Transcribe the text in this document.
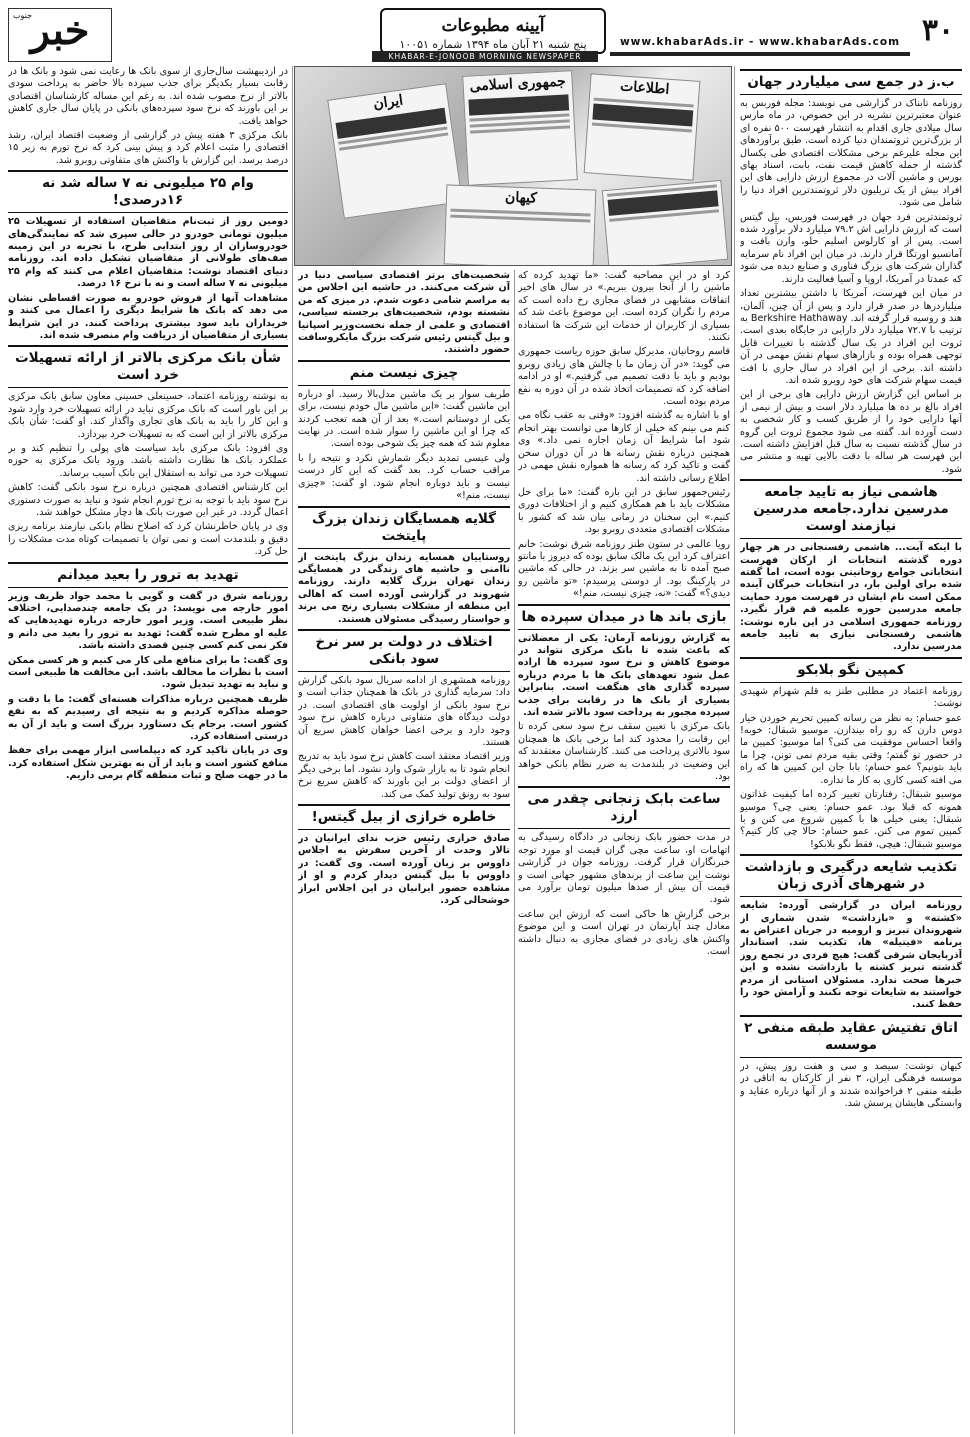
۳۰
www.khabarAds.ir - www.khabarAds.com
آیینه مطبوعات
پنج شنبه ۲۱ آبان ماه ۱۳۹۴ شماره ۱۰۰۵۱
خبر
جنوب
KHABAR-E-JONOOB MORNING NEWSPAPER
ب.ز در جمع سی میلیاردر جهان

روزنامه تابناک در گزارشی می نویسد: مجله فوربس به عنوان معتبرترین نشریه در این خصوص، در ماه مارس سال میلادی جاری اقدام به انتشار فهرست ۵۰۰ نفره ای از بزرگ‌ترین ثروتمندان دنیا کرده است. طبق برآوردهای این مجله علیرغم برخی مشکلات اقتصادی طی یکسال گذشته از جمله کاهش قیمت نفت، بابت، اسناد بهای بورس و ماشین آلات در مجموع ارزش دارایی های این افراد بیش از یک تریلیون دلار ثروتمندترین افراد دنیا را شامل می شود.

ثروتمندترین فرد جهان در فهرست فوربس، بیل گیتس است که ارزش دارایی اش ۷۹.۲ میلیارد دلار برآورد شده است. پس از او کارلوس اسلیم حلو، وارن بافت و آمانسیو اورتگا قرار دارند. در میان این افراد نام سرمایه گذاران شرکت های بزرگ فناوری و صنایع دیده می شود که عمدتا در آمریکا، اروپا و آسیا فعالیت دارند.

در میان این فهرست، آمریکا با داشتن بیشترین تعداد میلیاردرها در صدر قرار دارد و پس از آن چین، آلمان، هند و روسیه قرار گرفته اند. Berkshire Hathaway به ترتیب با ۷۲.۷ میلیارد دلار دارایی در جایگاه بعدی است. ثروت این افراد در یک سال گذشته با تغییرات قابل توجهی همراه بوده و بازارهای سهام نقش مهمی در آن داشته اند. برخی از این افراد در سال جاری با افت قیمت سهام شرکت های خود روبرو شده اند.

بر اساس این گزارش ارزش دارایی های برخی از این افراد بالغ بر ده ها میلیارد دلار است و بیش از نیمی از آنها دارایی خود را از طریق کسب و کار شخصی به دست آورده اند. گفته می شود مجموع ثروت این گروه در سال گذشته نسبت به سال قبل افزایش داشته است. این فهرست هر ساله با دقت بالایی تهیه و منتشر می شود.

هاشمی نیاز به تایید جامعه مدرسین ندارد.جامعه مدرسین نیازمند اوست

با اینکه آیت... هاشمی رفسنجانی در هر چهار دوره گذشته انتخابات از ارکان فهرست انتخاباتی جوامع روحانیتی بوده است، اما گفته شده برای اولین بار، در انتخابات خبرگان آینده ممکن است نام ایشان در فهرست مورد حمایت جامعه مدرسین حوزه علمیه قم قرار نگیرد. روزنامه جمهوری اسلامی در این باره نوشت: هاشمی رفسنجانی نیازی به تایید جامعه مدرسین ندارد.

کمپین نگو بلابکو

روزنامه اعتماد در مطلبی طنز به قلم شهرام شهیدی نوشت:

عمو حسام: به نظر من رسانه کمپین تحریم خوردن خیار دوس دارن که رو راه بیندازن. موسیو شبقال: خوبه! واقعا احساس موفقیت می کنی؟ اما موسیو: کمپین ما در حضور تو گفتم؛ وقتی بقیه مردم نمی تونن، چرا ما باید بتونیم؟ عمو حسام: بابا جان این کمپین ها که راه می افته کسی کاری به کار ما نداره.

موسیو شبقال: رفتارتان تغییر کرده اما کیفیت غذاتون همونه که قبلا بود. عمو حسام: یعنی چی؟ موسیو شبقال: یعنی خیلی ها با کمپین شروع می کنن و با کمپین تموم می کنن. عمو حسام: حالا چی کار کنیم؟ موسیو شبقال: هیچی، فقط نگو بلابکو!

تکذیب شایعه درگیری و بازداشت در شهرهای آذری زبان

روزنامه ایران در گزارشی آورده: شایعه «کشته» و «بازداشت» شدن شماری از شهروندان تبریز و ارومیه در جریان اعتراض به برنامه «فیتیله» ها، تکذیب شد. استاندار آذربایجان شرقی گفت: هیچ فردی در تجمع روز گذشته تبریز کشته یا بازداشت نشده و این خبرها صحت ندارد. مسئولان استانی از مردم خواستند به شایعات توجه نکنند و آرامش خود را حفظ کنند.

اتاق تفتیش عقاید طبقه منفی ۲ موسسه

کیهان نوشت: سیصد و سی و هفت روز پیش، در موسسه فرهنگی ایران، ۳ نفر از کارکنان به اتاقی در طبقه منفی ۲ فراخوانده شدند و از آنها درباره عقاید و وابستگی هایشان پرسش شد.

جمهوری اسلامی	اطلاعات
ایران
کیهان

کرد او در این مصاحبه گفت: «ما تهدید کرده که ماشین را از آنجا بیرون ببریم.» در سال های اخیر اتفاقات مشابهی در فضای مجازی رخ داده است که مردم را نگران کرده است. این موضوع باعث شد که بسیاری از کاربران از خدمات این شرکت ها استفاده نکنند.

قاسم روحانیان، مدیرکل سابق حوزه ریاست جمهوری می گوید: «در آن زمان ما با چالش های زیادی روبرو بودیم و باید با دقت تصمیم می گرفتیم.» او در ادامه اضافه کرد که تصمیمات اتخاذ شده در آن دوره به نفع مردم بوده است.

او با اشاره به گذشته افزود: «وقتی به عقب نگاه می کنم می بینم که خیلی از کارها می توانست بهتر انجام شود اما شرایط آن زمان اجازه نمی داد.» وی همچنین درباره نقش رسانه ها در آن دوران سخن گفت و تاکید کرد که رسانه ها همواره نقش مهمی در اطلاع رسانی داشته اند.

رئیس‌جمهور سابق در این باره گفت: «ما برای حل مشکلات باید با هم همکاری کنیم و از اختلافات دوری کنیم.» این سخنان در زمانی بیان شد که کشور با مشکلات اقتصادی متعددی روبرو بود.

رویا عالمی در ستون طنز روزنامه شرق نوشت: خانم اعتراف کرد این یک مالک سابق بوده که دیروز با مانتو صبح آمده تا به ماشین سر بزند. در حالی که ماشین در پارکینگ بود. از دوستی پرسیدم: «تو ماشین رو دیدی؟» گفت: «نه، چیزی نیست، منم!»

بازی باند ها در میدان سپرده ها

به گزارش روزنامه آرمان: یکی از معضلاتی که باعث شده تا بانک مرکزی نتواند در موضوع کاهش و نرخ سود سپرده ها اراده عمل شود تعهدهای بانک ها با مردم درباره سپرده گذاری های هنگفت است. بنابراین بسیاری از بانک ها در رقابت برای جذب سپرده مجبور به پرداخت سود بالاتر شده اند.

بانک مرکزی با تعیین سقف نرخ سود سعی کرده تا این رقابت را محدود کند اما برخی بانک ها همچنان سود بالاتری پرداخت می کنند. کارشناسان معتقدند که این وضعیت در بلندمدت به ضرر نظام بانکی خواهد بود.

ساعت بابک زنجانی چقدر می ارزد

در مدت حضور بابک زنجانی در دادگاه رسیدگی به اتهامات او، ساعت مچی گران قیمت او مورد توجه خبرنگاران قرار گرفت. روزنامه جوان در گزارشی نوشت این ساعت از برندهای مشهور جهانی است و قیمت آن بیش از صدها میلیون تومان برآورد می شود.

برخی گزارش ها حاکی است که ارزش این ساعت معادل چند آپارتمان در تهران است و این موضوع واکنش های زیادی در فضای مجازی به دنبال داشته است.

شخصیت‌های برتر اقتصادی سیاسی دنیا در آن شرکت می‌کنند. در حاشیه این اجلاس من به مراسم شامی دعوت شدم. در میزی که من نشسته بودم، شخصیت‌های برجسته سیاسی، اقتصادی و علمی از جمله نخست‌وزیر اسپانیا و بیل گیتس رئیس شرکت بزرگ مایکروسافت حضور داشتند.

چیزی نیست منم

طریف سوار بر یک ماشین مدل‌بالا رسید. او درباره این ماشین گفت: «این ماشین مال خودم نیست، برای یکی از دوستانم است.» بعد از آن همه تعجب کردند که چرا او این ماشین را سوار شده است. در نهایت معلوم شد که همه چیز یک شوخی بوده است.

ولی عیسی تمدید دیگر شمارش نکرد و نتیجه را با مراقب حساب کرد. بعد گفت که این کار درست نیست و باید دوباره انجام شود. او گفت: «چیزی نیست، منم!»

گلایه همسایگان زندان بزرگ پایتخت

روستاییان همسایه زندان بزرگ پایتخت از ناامنی و حاشیه های زندگی در همسایگی زندان تهران بزرگ گلایه دارند. روزنامه شهروند در گزارشی آورده است که اهالی این منطقه از مشکلات بسیاری رنج می برند و خواستار رسیدگی مسئولان هستند.

اختلاف در دولت بر سر نرخ سود بانکی

روزنامه همشهری از ادامه سریال سود بانکی گزارش داد: سرمایه گذاری در بانک ها همچنان جذاب است و نرخ سود بانکی از اولویت های اقتصادی است. در دولت دیدگاه های متفاوتی درباره کاهش نرخ سود وجود دارد و برخی اعضا خواهان کاهش سریع آن هستند.

وزیر اقتصاد معتقد است کاهش نرخ سود باید به تدریج انجام شود تا به بازار شوک وارد نشود. اما برخی دیگر از اعضای دولت بر این باورند که کاهش سریع نرخ سود به رونق تولید کمک می کند.

خاطره خرازی از بیل گیتس!

صادق خرازی رئیس حزب ندای ایرانیان در تالار وحدت از آخرین سفرش به اجلاس داووس بر زبان آورده است. وی گفت: در داووس با بیل گیتس دیدار کردم و او از مشاهده حضور ایرانیان در این اجلاس ابراز خوشحالی کرد.

در اردیبهشت سال‌جاری از سوی بانک ها رعایت نمی شود و بانک ها در رقابت بسیار یکدیگر برای جذب سپرده بالا حاضر به پرداخت سودی بالاتر از نرخ مصوب شده اند. به رغم این مساله کارشناسان اقتصادی بر این باورند که نرخ سود سپرده‌های بانکی در پایان سال جاری کاهش خواهد یافت.

بانک مرکزی ۳ هفته پیش در گزارشی از وضعیت اقتصاد ایران، رشد اقتصادی را مثبت اعلام کرد و پیش بینی کرد که نرخ تورم به زیر ۱۵ درصد برسد. این گزارش با واکنش های متفاوتی روبرو شد.

وام ۲۵ میلیونی نه ۷ ساله شد نه ۱۶درصدی!

دومین روز از ثبت‌نام متقاضیان استفاده از تسهیلات ۲۵ میلیون تومانی خودرو در حالی سپری شد که نمایندگی‌های خودروسازان از روز ابتدایی طرح، با تجربه در این زمینه صف‌های طولانی از متقاضیان تشکیل داده اند. روزنامه دنیای اقتصاد نوشت: متقاضیان اعلام می کنند که وام ۲۵ میلیونی نه ۷ ساله است و نه با نرخ ۱۶ درصد.

مشاهدات آنها از فروش خودرو به صورت اقساطی نشان می دهد که بانک ها شرایط دیگری را اعمال می کنند و خریداران باید سود بیشتری پرداخت کنند. در این شرایط بسیاری از متقاضیان از دریافت وام منصرف شده اند.

شأن بانک مرکزی بالاتر از ارائه تسهیلات خرد است

به نوشته روزنامه اعتماد، حسینعلی حسینی معاون سابق بانک مرکزی بر این باور است که بانک مرکزی نباید در ارائه تسهیلات خرد وارد شود و این کار را باید به بانک های تجاری واگذار کند. او گفت: شأن بانک مرکزی بالاتر از این است که به تسهیلات خرد بپردازد.

وی افزود: بانک مرکزی باید سیاست های پولی را تنظیم کند و بر عملکرد بانک ها نظارت داشته باشد. ورود بانک مرکزی به حوزه تسهیلات خرد می تواند به استقلال این بانک آسیب برساند.

این کارشناس اقتصادی همچنین درباره نرخ سود بانکی گفت: کاهش نرخ سود باید با توجه به نرخ تورم انجام شود و نباید به صورت دستوری اعمال گردد. در غیر این صورت بانک ها دچار مشکل خواهند شد.

وی در پایان خاطرنشان کرد که اصلاح نظام بانکی نیازمند برنامه ریزی دقیق و بلندمدت است و نمی توان با تصمیمات کوتاه مدت مشکلات را حل کرد.

تهدید به ترور را بعید میدانم

روزنامه شرق در گفت و گویی با محمد جواد ظریف وزیر امور خارجه می نویسد: در یک جامعه چندصدایی، اختلاف نظر طبیعی است. وزیر امور خارجه درباره تهدیدهایی که علیه او مطرح شده گفت: تهدید به ترور را بعید می دانم و فکر نمی کنم کسی چنین قصدی داشته باشد.

وی گفت: ما برای منافع ملی کار می کنیم و هر کسی ممکن است با نظرات ما مخالف باشد. این مخالفت ها طبیعی است و نباید به تهدید تبدیل شود.

ظریف همچنین درباره مذاکرات هسته‌ای گفت: ما با دقت و حوصله مذاکره کردیم و به نتیجه ای رسیدیم که به نفع کشور است. برجام یک دستاورد بزرگ است و باید از آن به درستی استفاده کرد.

وی در پایان تاکید کرد که دیپلماسی ابزار مهمی برای حفظ منافع کشور است و باید از آن به بهترین شکل استفاده کرد. ما در جهت صلح و ثبات منطقه گام برمی داریم.
